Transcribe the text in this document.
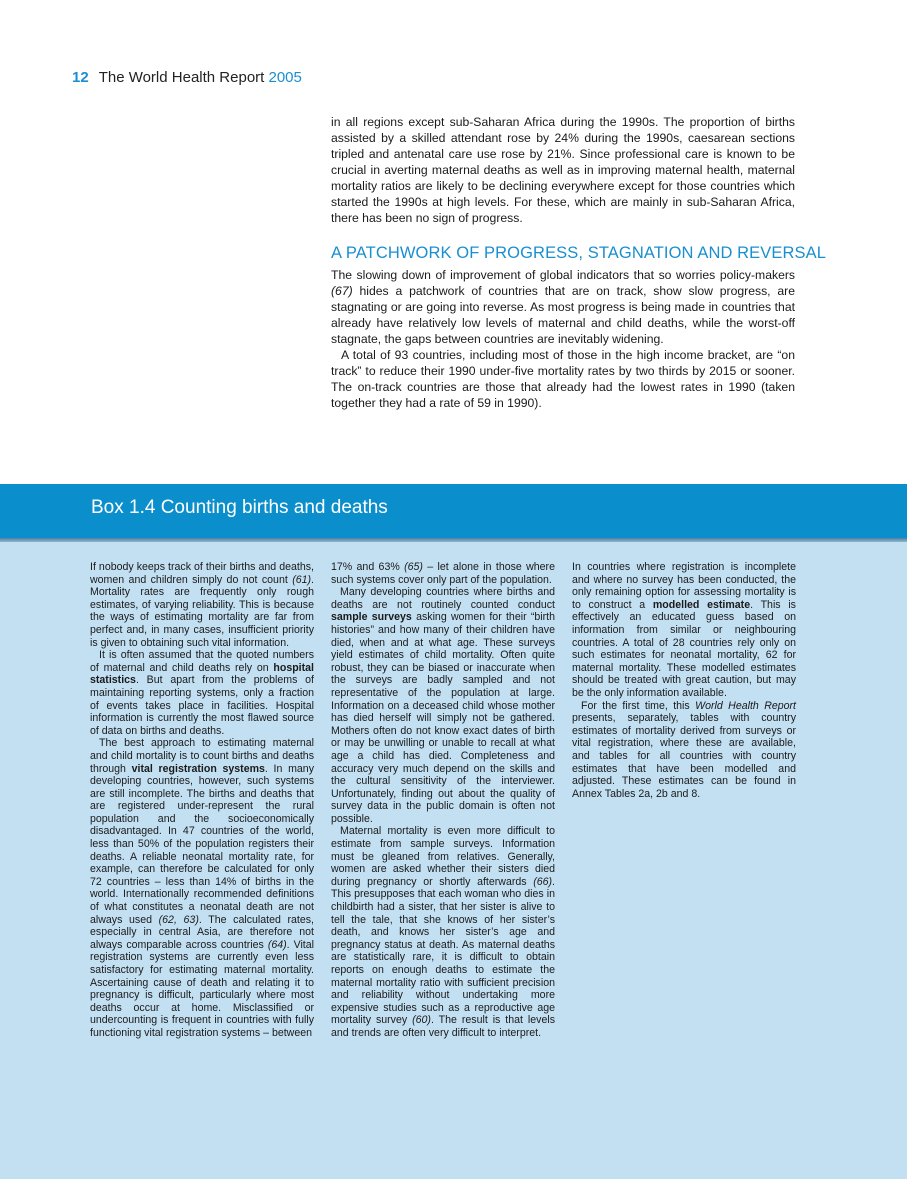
12 The World Health Report 2005

in all regions except sub-Saharan Africa during the 1990s. The proportion of births assisted by a skilled attendant rose by 24% during the 1990s, caesarean sections tripled and antenatal care use rose by 21%. Since professional care is known to be crucial in averting maternal deaths as well as in improving maternal health, maternal mortality ratios are likely to be declining everywhere except for those countries which started the 1990s at high levels. For these, which are mainly in sub-Saharan Africa, there has been no sign of progress.

A PATCHWORK OF PROGRESS, STAGNATION AND REVERSAL

The slowing down of improvement of global indicators that so worries policy-makers (67) hides a patchwork of countries that are on track, show slow progress, are stagnating or are going into reverse. As most progress is being made in countries that already have relatively low levels of maternal and child deaths, while the worst-off stagnate, the gaps between countries are inevitably widening.

A total of 93 countries, including most of those in the high income bracket, are “on track” to reduce their 1990 under-five mortality rates by two thirds by 2015 or sooner. The on-track countries are those that already had the lowest rates in 1990 (taken together they had a rate of 59 in 1990).

Box 1.4 Counting births and deaths

If nobody keeps track of their births and deaths, women and children simply do not count (61). Mortality rates are frequently only rough estimates, of varying reliability. This is because the ways of estimating mortality are far from perfect and, in many cases, insufficient priority is given to obtaining such vital information.

It is often assumed that the quoted numbers of maternal and child deaths rely on hospital statistics. But apart from the problems of maintaining reporting systems, only a fraction of events takes place in facilities. Hospital information is currently the most flawed source of data on births and deaths.

The best approach to estimating maternal and child mortality is to count births and deaths through vital registration systems. In many developing countries, however, such systems are still incomplete. The births and deaths that are registered under-represent the rural population and the socioeconomically disadvantaged. In 47 countries of the world, less than 50% of the population registers their deaths. A reliable neonatal mortality rate, for example, can therefore be calculated for only 72 countries – less than 14% of births in the world. Internationally recommended definitions of what constitutes a neonatal death are not always used (62, 63). The calculated rates, especially in central Asia, are therefore not always comparable across countries (64). Vital registration systems are currently even less satisfactory for estimating maternal mortality. Ascertaining cause of death and relating it to pregnancy is difficult, particularly where most deaths occur at home. Misclassified or undercounting is frequent in countries with fully functioning vital registration systems – between

17% and 63% (65) – let alone in those where such systems cover only part of the population.

Many developing countries where births and deaths are not routinely counted conduct sample surveys asking women for their “birth histories” and how many of their children have died, when and at what age. These surveys yield estimates of child mortality. Often quite robust, they can be biased or inaccurate when the surveys are badly sampled and not representative of the population at large. Information on a deceased child whose mother has died herself will simply not be gathered. Mothers often do not know exact dates of birth or may be unwilling or unable to recall at what age a child has died. Completeness and accuracy very much depend on the skills and the cultural sensitivity of the interviewer. Unfortunately, finding out about the quality of survey data in the public domain is often not possible.

Maternal mortality is even more difficult to estimate from sample surveys. Information must be gleaned from relatives. Generally, women are asked whether their sisters died during pregnancy or shortly afterwards (66). This presupposes that each woman who dies in childbirth had a sister, that her sister is alive to tell the tale, that she knows of her sister’s death, and knows her sister’s age and pregnancy status at death. As maternal deaths are statistically rare, it is difficult to obtain reports on enough deaths to estimate the maternal mortality ratio with sufficient precision and reliability without undertaking more expensive studies such as a reproductive age mortality survey (60). The result is that levels and trends are often very difficult to interpret.

In countries where registration is incomplete and where no survey has been conducted, the only remaining option for assessing mortality is to construct a modelled estimate. This is effectively an educated guess based on information from similar or neighbouring countries. A total of 28 countries rely only on such estimates for neonatal mortality, 62 for maternal mortality. These modelled estimates should be treated with great caution, but may be the only information available.

For the first time, this World Health Report presents, separately, tables with country estimates of mortality derived from surveys or vital registration, where these are available, and tables for all countries with country estimates that have been modelled and adjusted. These estimates can be found in Annex Tables 2a, 2b and 8.
